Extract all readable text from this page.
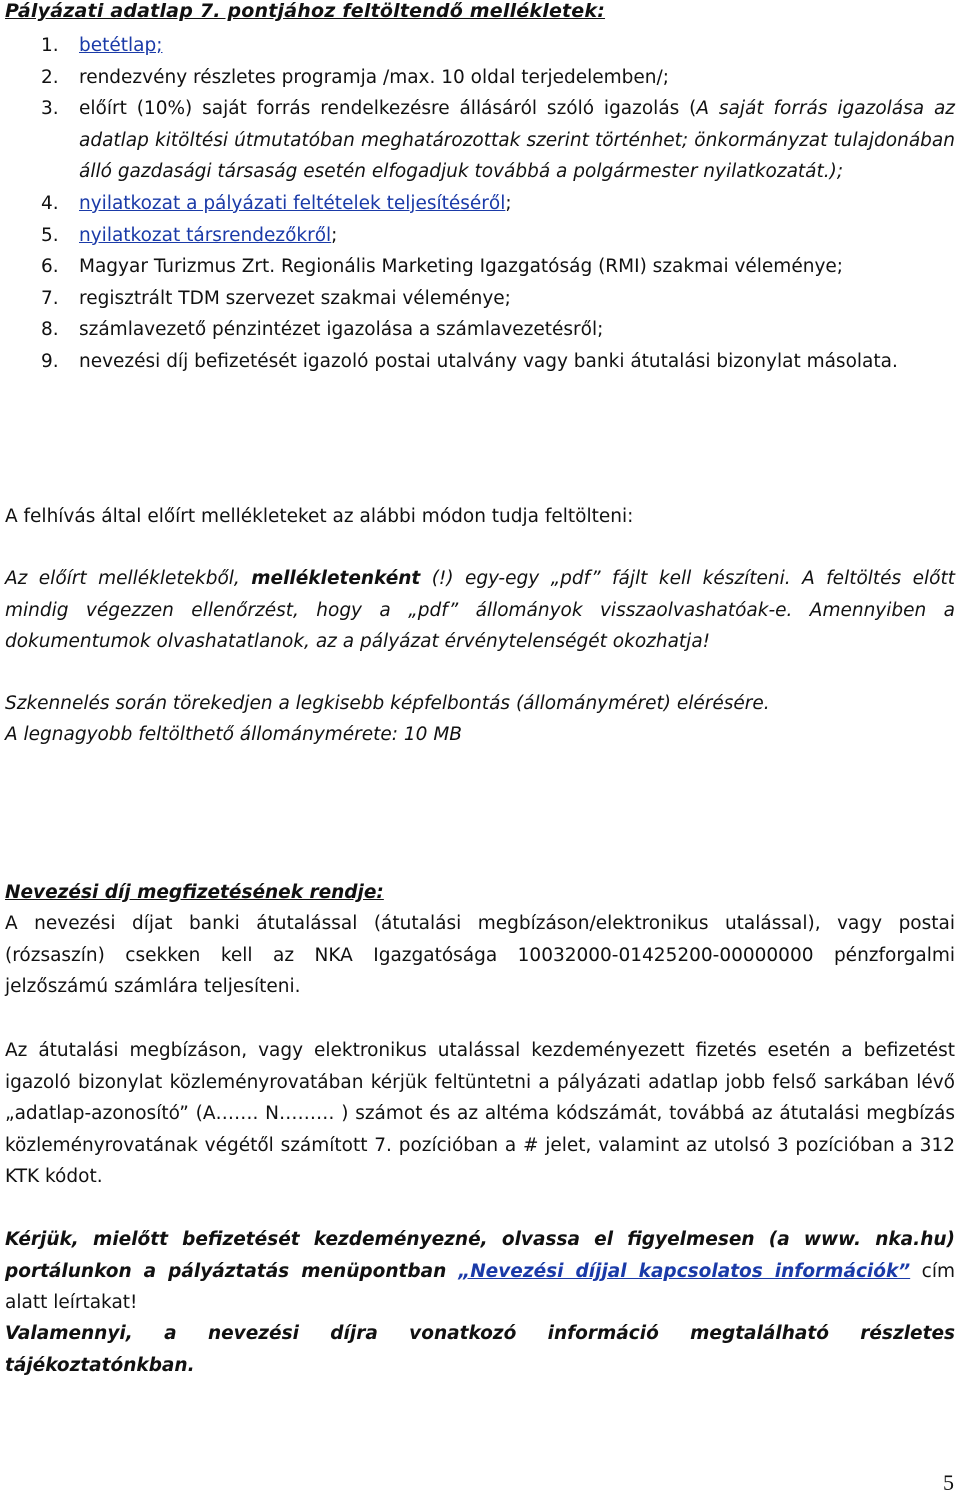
Pályázati adatlap 7. pontjához feltöltendő mellékletek:
1. betétlap;
2. rendezvény részletes programja /max. 10 oldal terjedelemben/;
3. előírt (10%) saját forrás rendelkezésre állásáról szóló igazolás (A saját forrás igazolása az adatlap kitöltési útmutatóban meghatározottak szerint történhet; önkormányzat tulajdonában álló gazdasági társaság esetén elfogadjuk továbbá a polgármester nyilatkozatát.);
4. nyilatkozat a pályázati feltételek teljesítéséről;
5. nyilatkozat társrendezőkről;
6. Magyar Turizmus Zrt. Regionális Marketing Igazgatóság (RMI) szakmai véleménye;
7. regisztrált TDM szervezet szakmai véleménye;
8. számlavezető pénzintézet igazolása a számlavezetésről;
9. nevezési díj befizetését igazoló postai utalvány vagy banki átutalási bizonylat másolata.
A felhívás által előírt mellékleteket az alábbi módon tudja feltölteni:
Az előírt mellékletekből, mellékletenként (!) egy-egy „pdf” fájlt kell készíteni. A feltöltés előtt mindig végezzen ellenőrzést, hogy a „pdf” állományok visszaolvashatóak-e. Amennyiben a dokumentumok olvashatatlanok, az a pályázat érvénytelenségét okozhatja!
Szkennelés során törekedjen a legkisebb képfelbontás (állományméret) elérésére.
A legnagyobb feltölthető állománymérete: 10 MB
Nevezési díj megfizetésének rendje:
A nevezési díjat banki átutalással (átutalási megbízáson/elektronikus utalással), vagy postai (rózsaszín) csekken kell az NKA Igazgatósága 10032000-01425200-00000000 pénzforgalmi jelzőszámú számlára teljesíteni.
Az átutalási megbízáson, vagy elektronikus utalással kezdeményezett fizetés esetén a befizetést igazoló bizonylat közleményrovatában kérjük feltüntetni a pályázati adatlap jobb felső sarkában lévő „adatlap-azonosító” (A……. N……… ) számot és az altéma kódszámát, továbbá az átutalási megbízás közleményrovatának végétől számított 7. pozícióban a # jelet, valamint az utolsó 3 pozícióban a 312 KTK kódot.
Kérjük, mielőtt befizetését kezdeményezné, olvassa el figyelmesen (a www. nka.hu) portálunkon a pályáztatás menüpontban „Nevezési díjjal kapcsolatos információk” cím alatt leírtakat!
Valamennyi, a nevezési díjra vonatkozó információ megtalálható részletes tájékoztatónkban.
5
